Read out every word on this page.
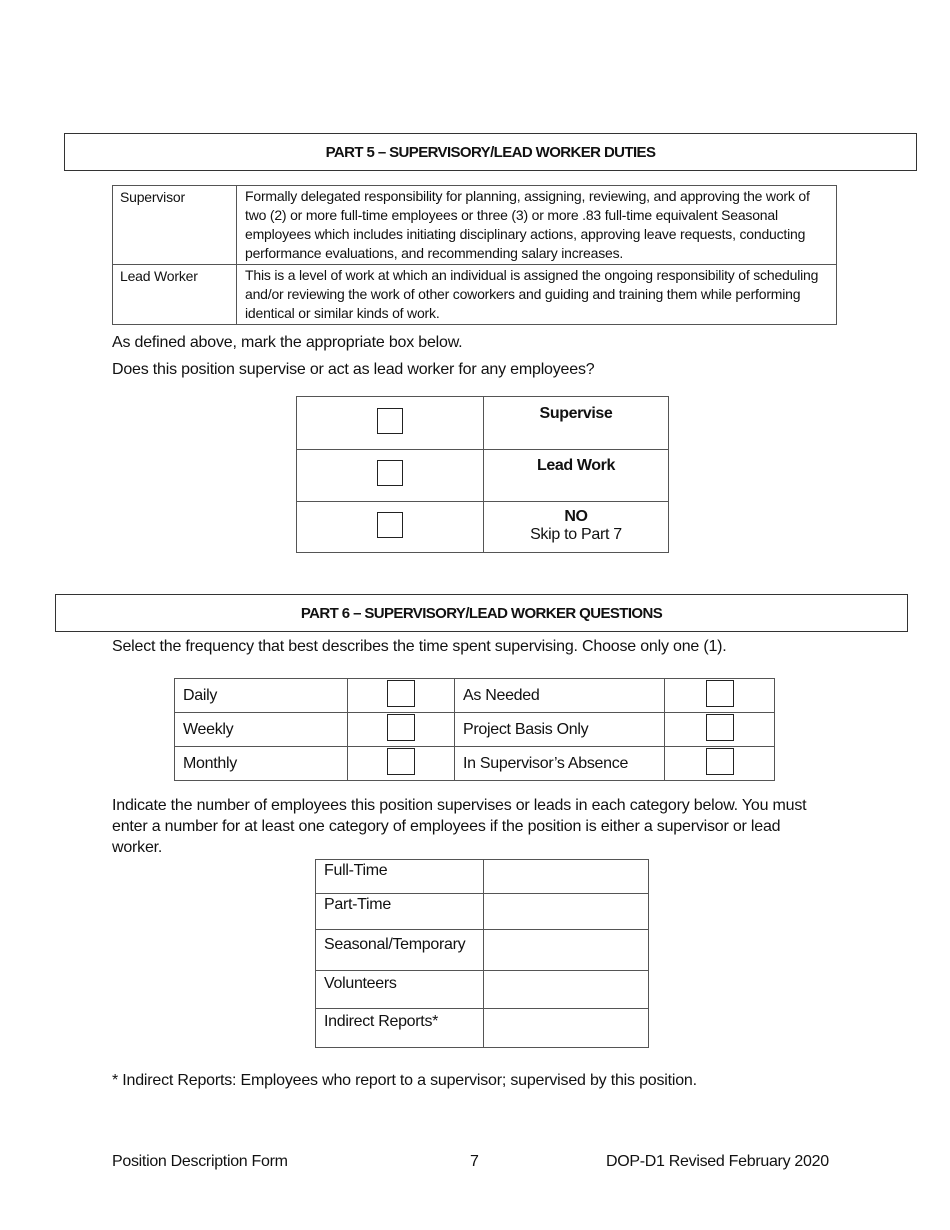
PART 5 – SUPERVISORY/LEAD WORKER DUTIES
Supervisor	Formally delegated responsibility for planning, assigning, reviewing, and approving the work of two (2) or more full-time employees or three (3) or more .83 full-time equivalent Seasonal employees which includes initiating disciplinary actions, approving leave requests, conducting performance evaluations, and recommending salary increases.
Lead Worker	This is a level of work at which an individual is assigned the ongoing responsibility of scheduling and/or reviewing the work of other coworkers and guiding and training them while performing identical or similar kinds of work.
As defined above, mark the appropriate box below.
Does this position supervise or act as lead worker for any employees?

	Supervise

	Lead Work

	NO
Skip to Part 7
PART 6 – SUPERVISORY/LEAD WORKER QUESTIONS
Select the frequency that best describes the time spent supervising. Choose only one (1).
Daily		As Needed	
Weekly		Project Basis Only	
Monthly		In Supervisor’s Absence	
Indicate the number of employees this position supervises or leads in each category below. You must enter a number for at least one category of employees if the position is either a supervisor or lead worker.
Full-Time	
Part-Time	
Seasonal/Temporary	
Volunteers	
Indirect Reports*	
* Indirect Reports: Employees who report to a supervisor; supervised by this position.
Position Description Form	7	DOP-D1 Revised February 2020
